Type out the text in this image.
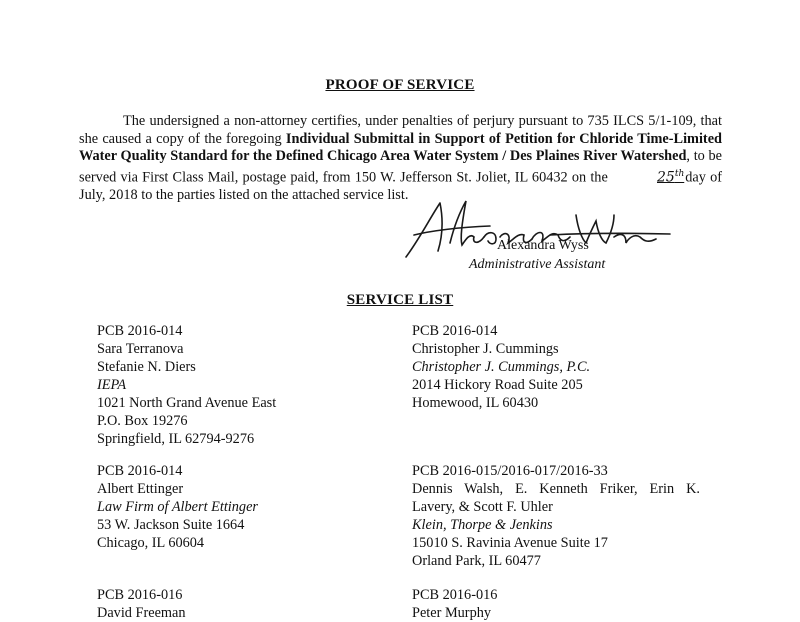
PROOF OF SERVICE
The undersigned a non-attorney certifies, under penalties of perjury pursuant to 735 ILCS 5/1-109, that she caused a copy of the foregoing Individual Submittal in Support of Petition for Chloride Time-Limited Water Quality Standard for the Defined Chicago Area Water System / Des Plaines River Watershed, to be served via First Class Mail, postage paid, from 150 W. Jefferson St. Joliet, IL 60432 on the	25thday of July, 2018 to the parties listed on the attached service list.
Alexandra Wyss
Administrative Assistant
SERVICE LIST
PCB 2016-014
Sara Terranova
Stefanie N. Diers
IEPA
1021 North Grand Avenue East
P.O. Box 19276
Springfield, IL 62794-9276
PCB 2016-014
Christopher J. Cummings
Christopher J. Cummings, P.C.
2014 Hickory Road Suite 205
Homewood, IL 60430
PCB 2016-014
Albert Ettinger
Law Firm of Albert Ettinger
53 W. Jackson Suite 1664
Chicago, IL 60604
PCB 2016-015/2016-017/2016-33
Dennis Walsh, E. Kenneth Friker, Erin K.
Lavery, & Scott F. Uhler
Klein, Thorpe & Jenkins
15010 S. Ravinia Avenue Suite 17
Orland Park, IL 60477
PCB 2016-016
David Freeman
PCB 2016-016
Peter Murphy
